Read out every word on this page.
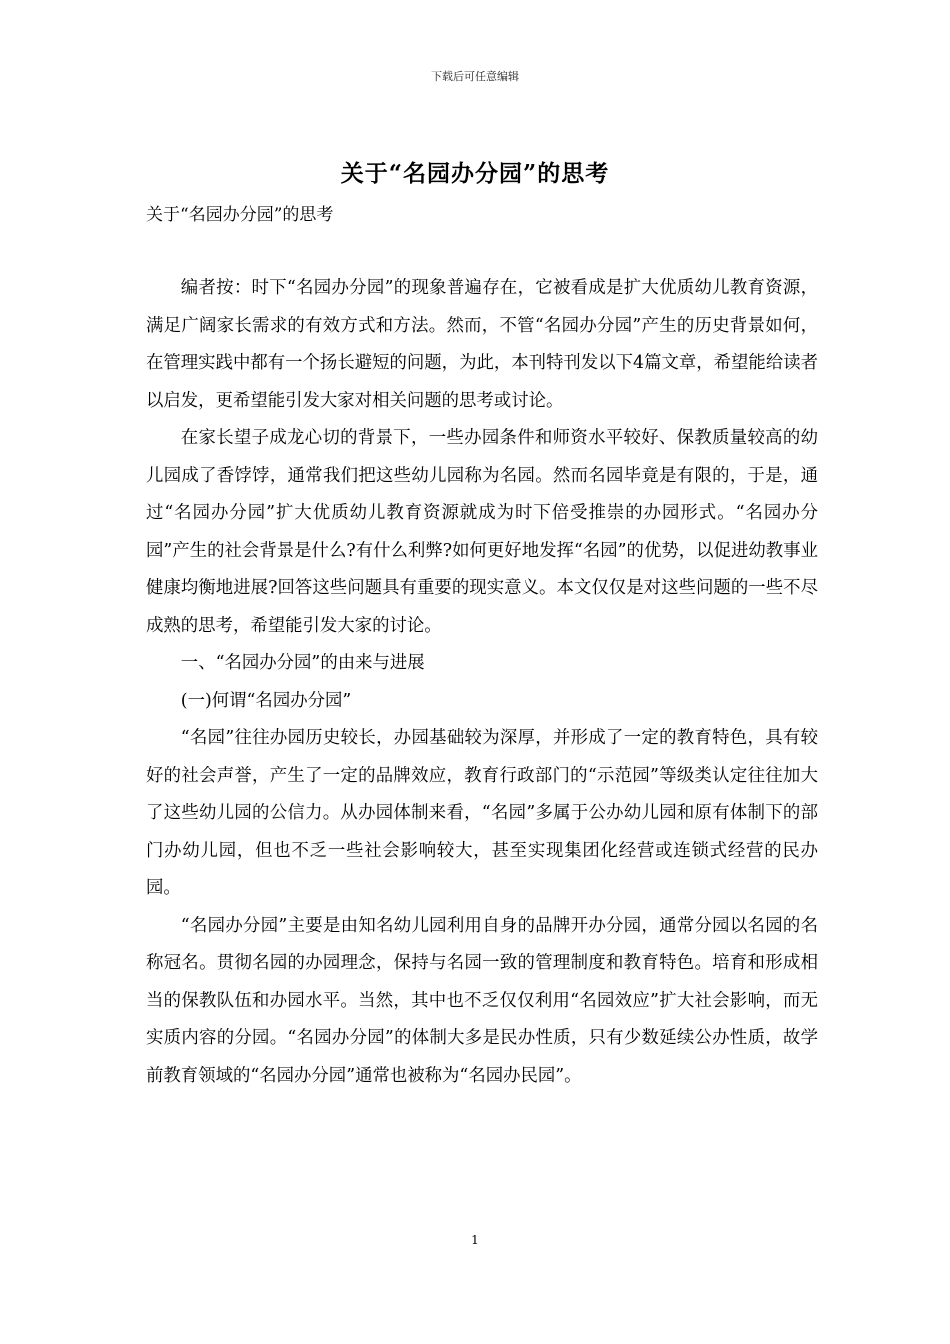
下载后可任意编辑
关于“名园办分园”的思考
关于“名园办分园”的思考

编者按：时下“名园办分园”的现象普遍存在，它被看成是扩大优质幼儿教育资源，满足广阔家长需求的有效方式和方法。然而，不管“名园办分园”产生的历史背景如何，在管理实践中都有一个扬长避短的问题，为此，本刊特刊发以下4篇文章，希望能给读者以启发，更希望能引发大家对相关问题的思考或讨论。

在家长望子成龙心切的背景下，一些办园条件和师资水平较好、保教质量较高的幼儿园成了香饽饽，通常我们把这些幼儿园称为名园。然而名园毕竟是有限的，于是，通过“名园办分园”扩大优质幼儿教育资源就成为时下倍受推崇的办园形式。“名园办分园”产生的社会背景是什么?有什么利弊?如何更好地发挥“名园”的优势，以促进幼教事业健康均衡地进展?回答这些问题具有重要的现实意义。本文仅仅是对这些问题的一些不尽成熟的思考，希望能引发大家的讨论。

一、“名园办分园”的由来与进展

(一)何谓“名园办分园”

“名园”往往办园历史较长，办园基础较为深厚，并形成了一定的教育特色，具有较好的社会声誉，产生了一定的品牌效应，教育行政部门的“示范园”等级类认定往往加大了这些幼儿园的公信力。从办园体制来看，“名园”多属于公办幼儿园和原有体制下的部门办幼儿园，但也不乏一些社会影响较大，甚至实现集团化经营或连锁式经营的民办园。

“名园办分园”主要是由知名幼儿园利用自身的品牌开办分园，通常分园以名园的名称冠名。贯彻名园的办园理念，保持与名园一致的管理制度和教育特色。培育和形成相当的保教队伍和办园水平。当然，其中也不乏仅仅利用“名园效应”扩大社会影响，而无实质内容的分园。“名园办分园”的体制大多是民办性质，只有少数延续公办性质，故学前教育领域的“名园办分园”通常也被称为“名园办民园”。

1
